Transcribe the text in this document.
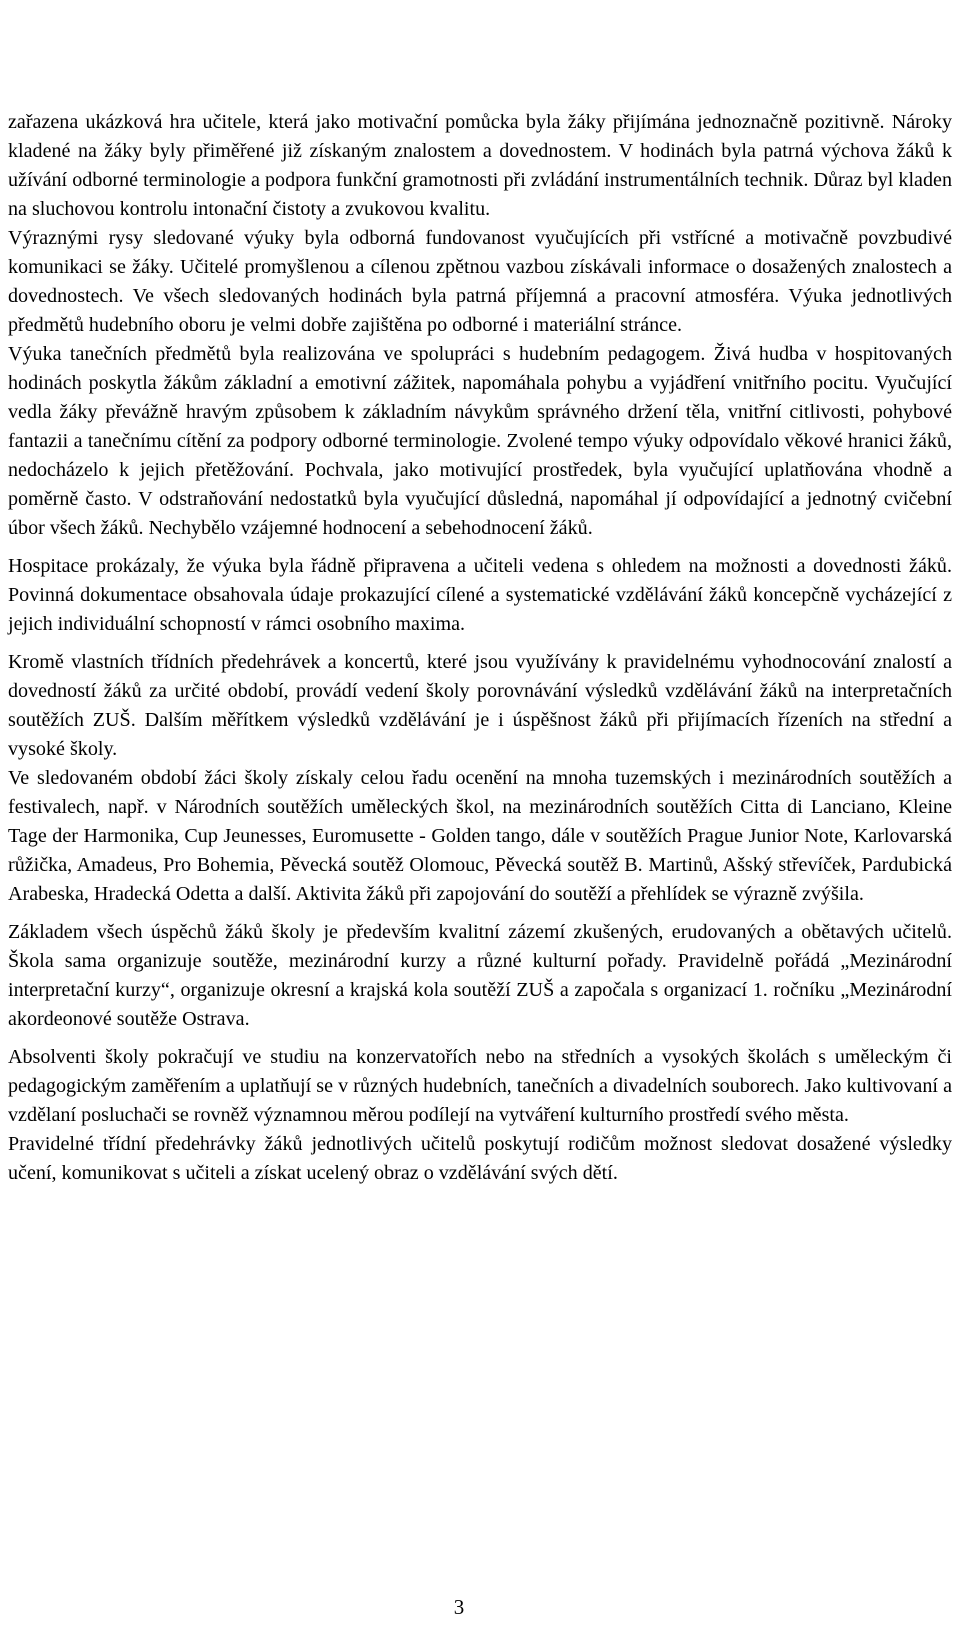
Moravskoslezský inspektorát České školní inspekce	Inspekční zpráva
Čj.: ČŠIT-2508/11-T

zařazena ukázková hra učitele, která jako motivační pomůcka byla žáky přijímána jednoznačně pozitivně. Nároky kladené na žáky byly přiměřené již získaným znalostem a dovednostem. V hodinách byla patrná výchova žáků k užívání odborné terminologie a podpora funkční gramotnosti při zvládání instrumentálních technik. Důraz byl kladen na sluchovou kontrolu intonační čistoty a zvukovou kvalitu.

Výraznými rysy sledované výuky byla odborná fundovanost vyučujících při vstřícné a motivačně povzbudivé komunikaci se žáky. Učitelé promyšlenou a cílenou zpětnou vazbou získávali informace o dosažených znalostech a dovednostech. Ve všech sledovaných hodinách byla patrná příjemná a pracovní atmosféra. Výuka jednotlivých předmětů hudebního oboru je velmi dobře zajištěna po odborné i materiální stránce.

Výuka tanečních předmětů byla realizována ve spolupráci s hudebním pedagogem. Živá hudba v hospitovaných hodinách poskytla žákům základní a emotivní zážitek, napomáhala pohybu a vyjádření vnitřního pocitu. Vyučující vedla žáky převážně hravým způsobem k základním návykům správného držení těla, vnitřní citlivosti, pohybové fantazii a tanečnímu cítění za podpory odborné terminologie. Zvolené tempo výuky odpovídalo věkové hranici žáků, nedocházelo k jejich přetěžování. Pochvala, jako motivující prostředek, byla vyučující uplatňována vhodně a poměrně často. V odstraňování nedostatků byla vyučující důsledná, napomáhal jí odpovídající a jednotný cvičební úbor všech žáků. Nechybělo vzájemné hodnocení a sebehodnocení žáků.

Hospitace prokázaly, že výuka byla řádně připravena a učiteli vedena s ohledem na možnosti a dovednosti žáků. Povinná dokumentace obsahovala údaje prokazující cílené a systematické vzdělávání žáků koncepčně vycházející z jejich individuální schopností v rámci osobního maxima.

Kromě vlastních třídních předehrávek a koncertů, které jsou využívány k pravidelnému vyhodnocování znalostí a dovedností žáků za určité období, provádí vedení školy porovnávání výsledků vzdělávání žáků na interpretačních soutěžích ZUŠ. Dalším měřítkem výsledků vzdělávání je i úspěšnost žáků při přijímacích řízeních na střední a vysoké školy.

Ve sledovaném období žáci školy získaly celou řadu ocenění na mnoha tuzemských i mezinárodních soutěžích a festivalech, např. v Národních soutěžích uměleckých škol, na mezinárodních soutěžích Citta di Lanciano, Kleine Tage der Harmonika, Cup Jeunesses, Euromusette - Golden tango, dále v soutěžích Prague Junior Note, Karlovarská růžička, Amadeus, Pro Bohemia, Pěvecká soutěž Olomouc, Pěvecká soutěž B. Martinů, Ašský střevíček, Pardubická Arabeska, Hradecká Odetta a další. Aktivita žáků při zapojování do soutěží a přehlídek se výrazně zvýšila.

Základem všech úspěchů žáků školy je především kvalitní zázemí zkušených, erudovaných a obětavých učitelů. Škola sama organizuje soutěže, mezinárodní kurzy a různé kulturní pořady. Pravidelně pořádá „Mezinárodní interpretační kurzy“, organizuje okresní a krajská kola soutěží ZUŠ a započala s organizací 1. ročníku „Mezinárodní akordeonové soutěže Ostrava.

Absolventi školy pokračují ve studiu na konzervatořích nebo na středních a vysokých školách s uměleckým či pedagogickým zaměřením a uplatňují se v různých hudebních, tanečních a divadelních souborech. Jako kultivovaní a vzdělaní posluchači se rovněž významnou měrou podílejí na vytváření kulturního prostředí svého města.

Pravidelné třídní předehrávky žáků jednotlivých učitelů poskytují rodičům možnost sledovat dosažené výsledky učení, komunikovat s učiteli a získat ucelený obraz o vzdělávání svých dětí.

3
